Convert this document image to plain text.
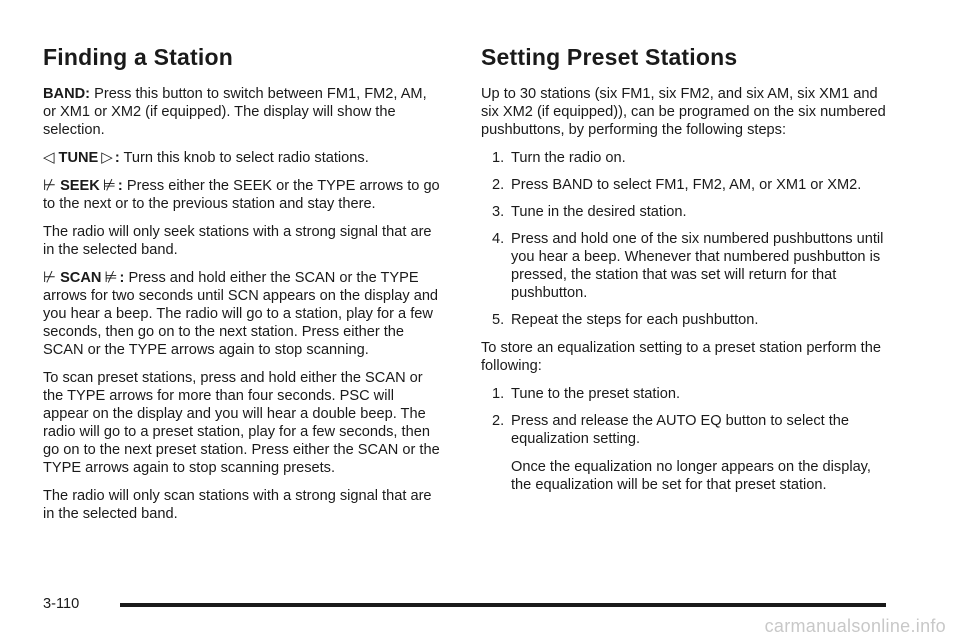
Finding a Station

BAND: Press this button to switch between FM1, FM2, AM, or XM1 or XM2 (if equipped). The display will show the selection.

◁ TUNE ▷ : Turn this knob to select radio stations.

⊬ SEEK ⊭ : Press either the SEEK or the TYPE arrows to go to the next or to the previous station and stay there.

The radio will only seek stations with a strong signal that are in the selected band.

⊬ SCAN ⊭ : Press and hold either the SCAN or the TYPE arrows for two seconds until SCN appears on the display and you hear a beep. The radio will go to a station, play for a few seconds, then go on to the next station. Press either the SCAN or the TYPE arrows again to stop scanning.

To scan preset stations, press and hold either the SCAN or the TYPE arrows for more than four seconds. PSC will appear on the display and you will hear a double beep. The radio will go to a preset station, play for a few seconds, then go on to the next preset station. Press either the SCAN or the TYPE arrows again to stop scanning presets.

The radio will only scan stations with a strong signal that are in the selected band.

Setting Preset Stations

Up to 30 stations (six FM1, six FM2, and six AM, six XM1 and six XM2 (if equipped)), can be programed on the six numbered pushbuttons, by performing the following steps:

1. Turn the radio on.
2. Press BAND to select FM1, FM2, AM, or XM1 or XM2.
3. Tune in the desired station.
4. Press and hold one of the six numbered pushbuttons until you hear a beep. Whenever that numbered pushbutton is pressed, the station that was set will return for that pushbutton.
5. Repeat the steps for each pushbutton.

To store an equalization setting to a preset station perform the following:

1. Tune to the preset station.
2. Press and release the AUTO EQ button to select the equalization setting.

Once the equalization no longer appears on the display, the equalization will be set for that preset station.

3-110
carmanualsonline.info
